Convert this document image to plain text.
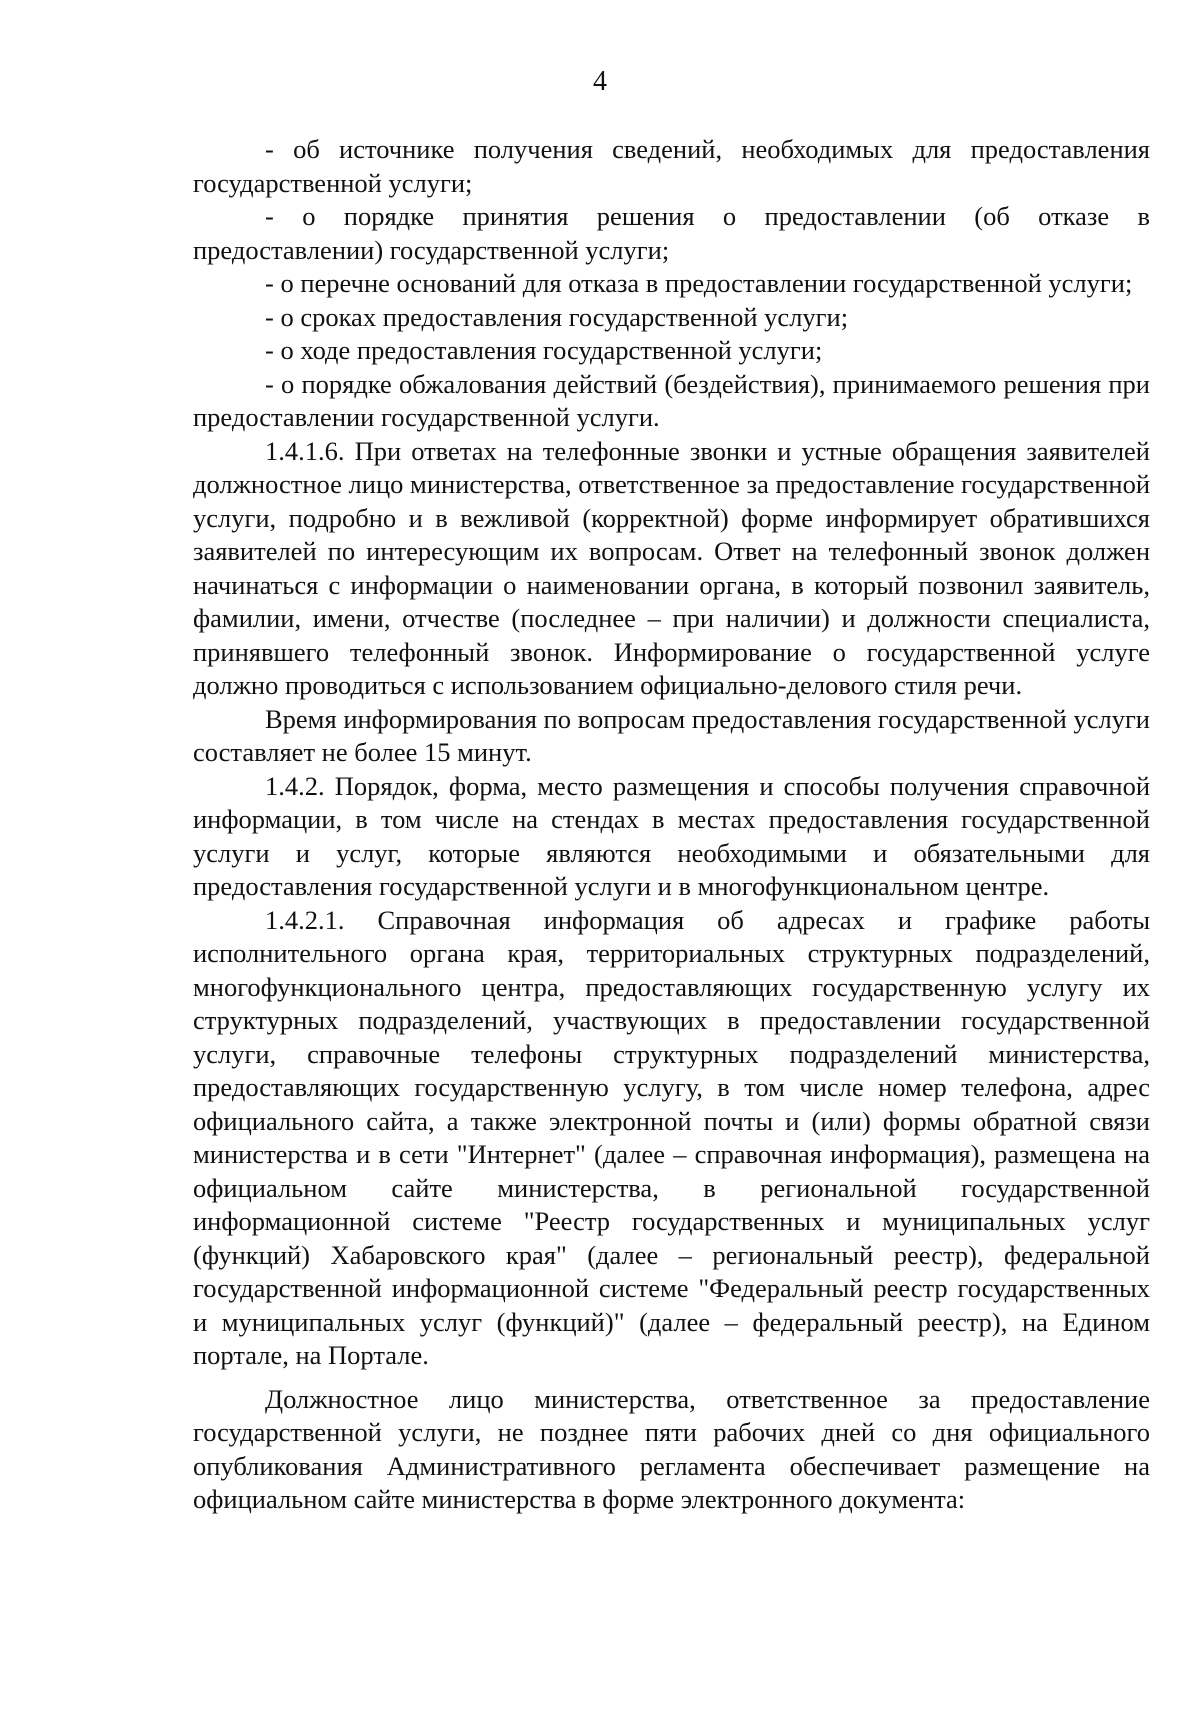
4

- об источнике получения сведений, необходимых для предоставления государственной услуги;

- о порядке принятия решения о предоставлении (об отказе в предоставлении) государственной услуги;

- о перечне оснований для отказа в предоставлении государственной услуги;

- о сроках предоставления государственной услуги;

- о ходе предоставления государственной услуги;

- о порядке обжалования действий (бездействия), принимаемого решения при предоставлении государственной услуги.

1.4.1.6. При ответах на телефонные звонки и устные обращения заявителей должностное лицо министерства, ответственное за предоставление государственной услуги, подробно и в вежливой (корректной) форме информирует обратившихся заявителей по интересующим их вопросам. Ответ на телефонный звонок должен начинаться с информации о наименовании органа, в который позвонил заявитель, фамилии, имени, отчестве (последнее – при наличии) и должности специалиста, принявшего телефонный звонок. Информирование о государственной услуге должно проводиться с использованием официально-делового стиля речи.

Время информирования по вопросам предоставления государственной услуги составляет не более 15 минут.

1.4.2. Порядок, форма, место размещения и способы получения справочной информации, в том числе на стендах в местах предоставления государственной услуги и услуг, которые являются необходимыми и обязательными для предоставления государственной услуги и в многофункциональном центре.

1.4.2.1. Справочная информация об адресах и графике работы исполнительного органа края, территориальных структурных подразделений, многофункционального центра, предоставляющих государственную услугу их структурных подразделений, участвующих в предоставлении государственной услуги, справочные телефоны структурных подразделений министерства, предоставляющих государственную услугу, в том числе номер телефона, адрес официального сайта, а также электронной почты и (или) формы обратной связи министерства и в сети "Интернет" (далее – справочная информация), размещена на официальном сайте министерства, в региональной государственной информационной системе "Реестр государственных и муниципальных услуг (функций) Хабаровского края" (далее – региональный реестр), федеральной государственной информационной системе "Федеральный реестр государственных и муниципальных услуг (функций)" (далее – федеральный реестр), на Едином портале, на Портале.

Должностное лицо министерства, ответственное за предоставление государственной услуги, не позднее пяти рабочих дней со дня официального опубликования Административного регламента обеспечивает размещение на официальном сайте министерства в форме электронного документа:
